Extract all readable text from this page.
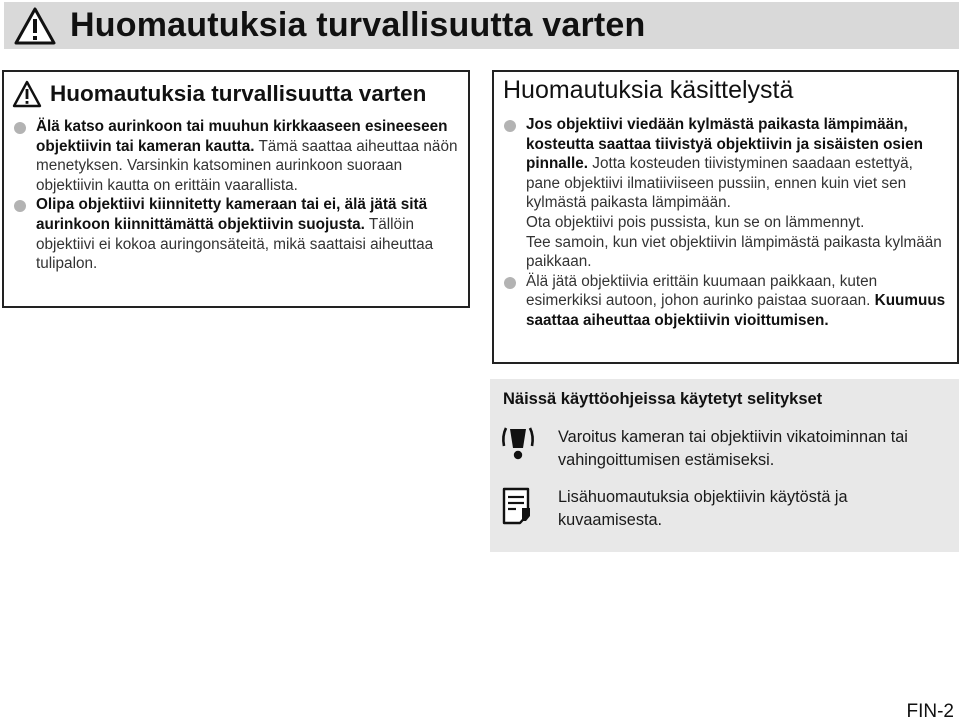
Huomautuksia turvallisuutta varten
Huomautuksia turvallisuutta varten
Älä katso aurinkoon tai muuhun kirkkaaseen esineeseen objektiivin tai kameran kautta. Tämä saattaa aiheuttaa näön menetyksen. Varsinkin katsominen aurinkoon suoraan objektiivin kautta on erittäin vaarallista.
Olipa objektiivi kiinnitetty kameraan tai ei, älä jätä sitä aurinkoon kiinnittämättä objektiivin suojusta. Tällöin objektiivi ei kokoa auringonsäteitä, mikä saattaisi aiheuttaa tulipalon.
Huomautuksia käsittelystä
Jos objektiivi viedään kylmästä paikasta lämpimään, kosteutta saattaa tiivistyä objektiivin ja sisäisten osien pinnalle. Jotta kosteuden tiivistyminen saadaan estettyä, pane objektiivi ilmatiiviiseen pussiin, ennen kuin viet sen kylmästä paikasta lämpimään.
Ota objektiivi pois pussista, kun se on lämmennyt.
Tee samoin, kun viet objektiivin lämpimästä paikasta kylmään paikkaan.
Älä jätä objektiivia erittäin kuumaan paikkaan, kuten esimerkiksi autoon, johon aurinko paistaa suoraan. Kuumuus saattaa aiheuttaa objektiivin vioittumisen.
Näissä käyttöohjeissa käytetyt selitykset
Varoitus kameran tai objektiivin vikatoiminnan tai vahingoittumisen estämiseksi.
Lisähuomautuksia objektiivin käytöstä ja kuvaamisesta.
FIN-2
